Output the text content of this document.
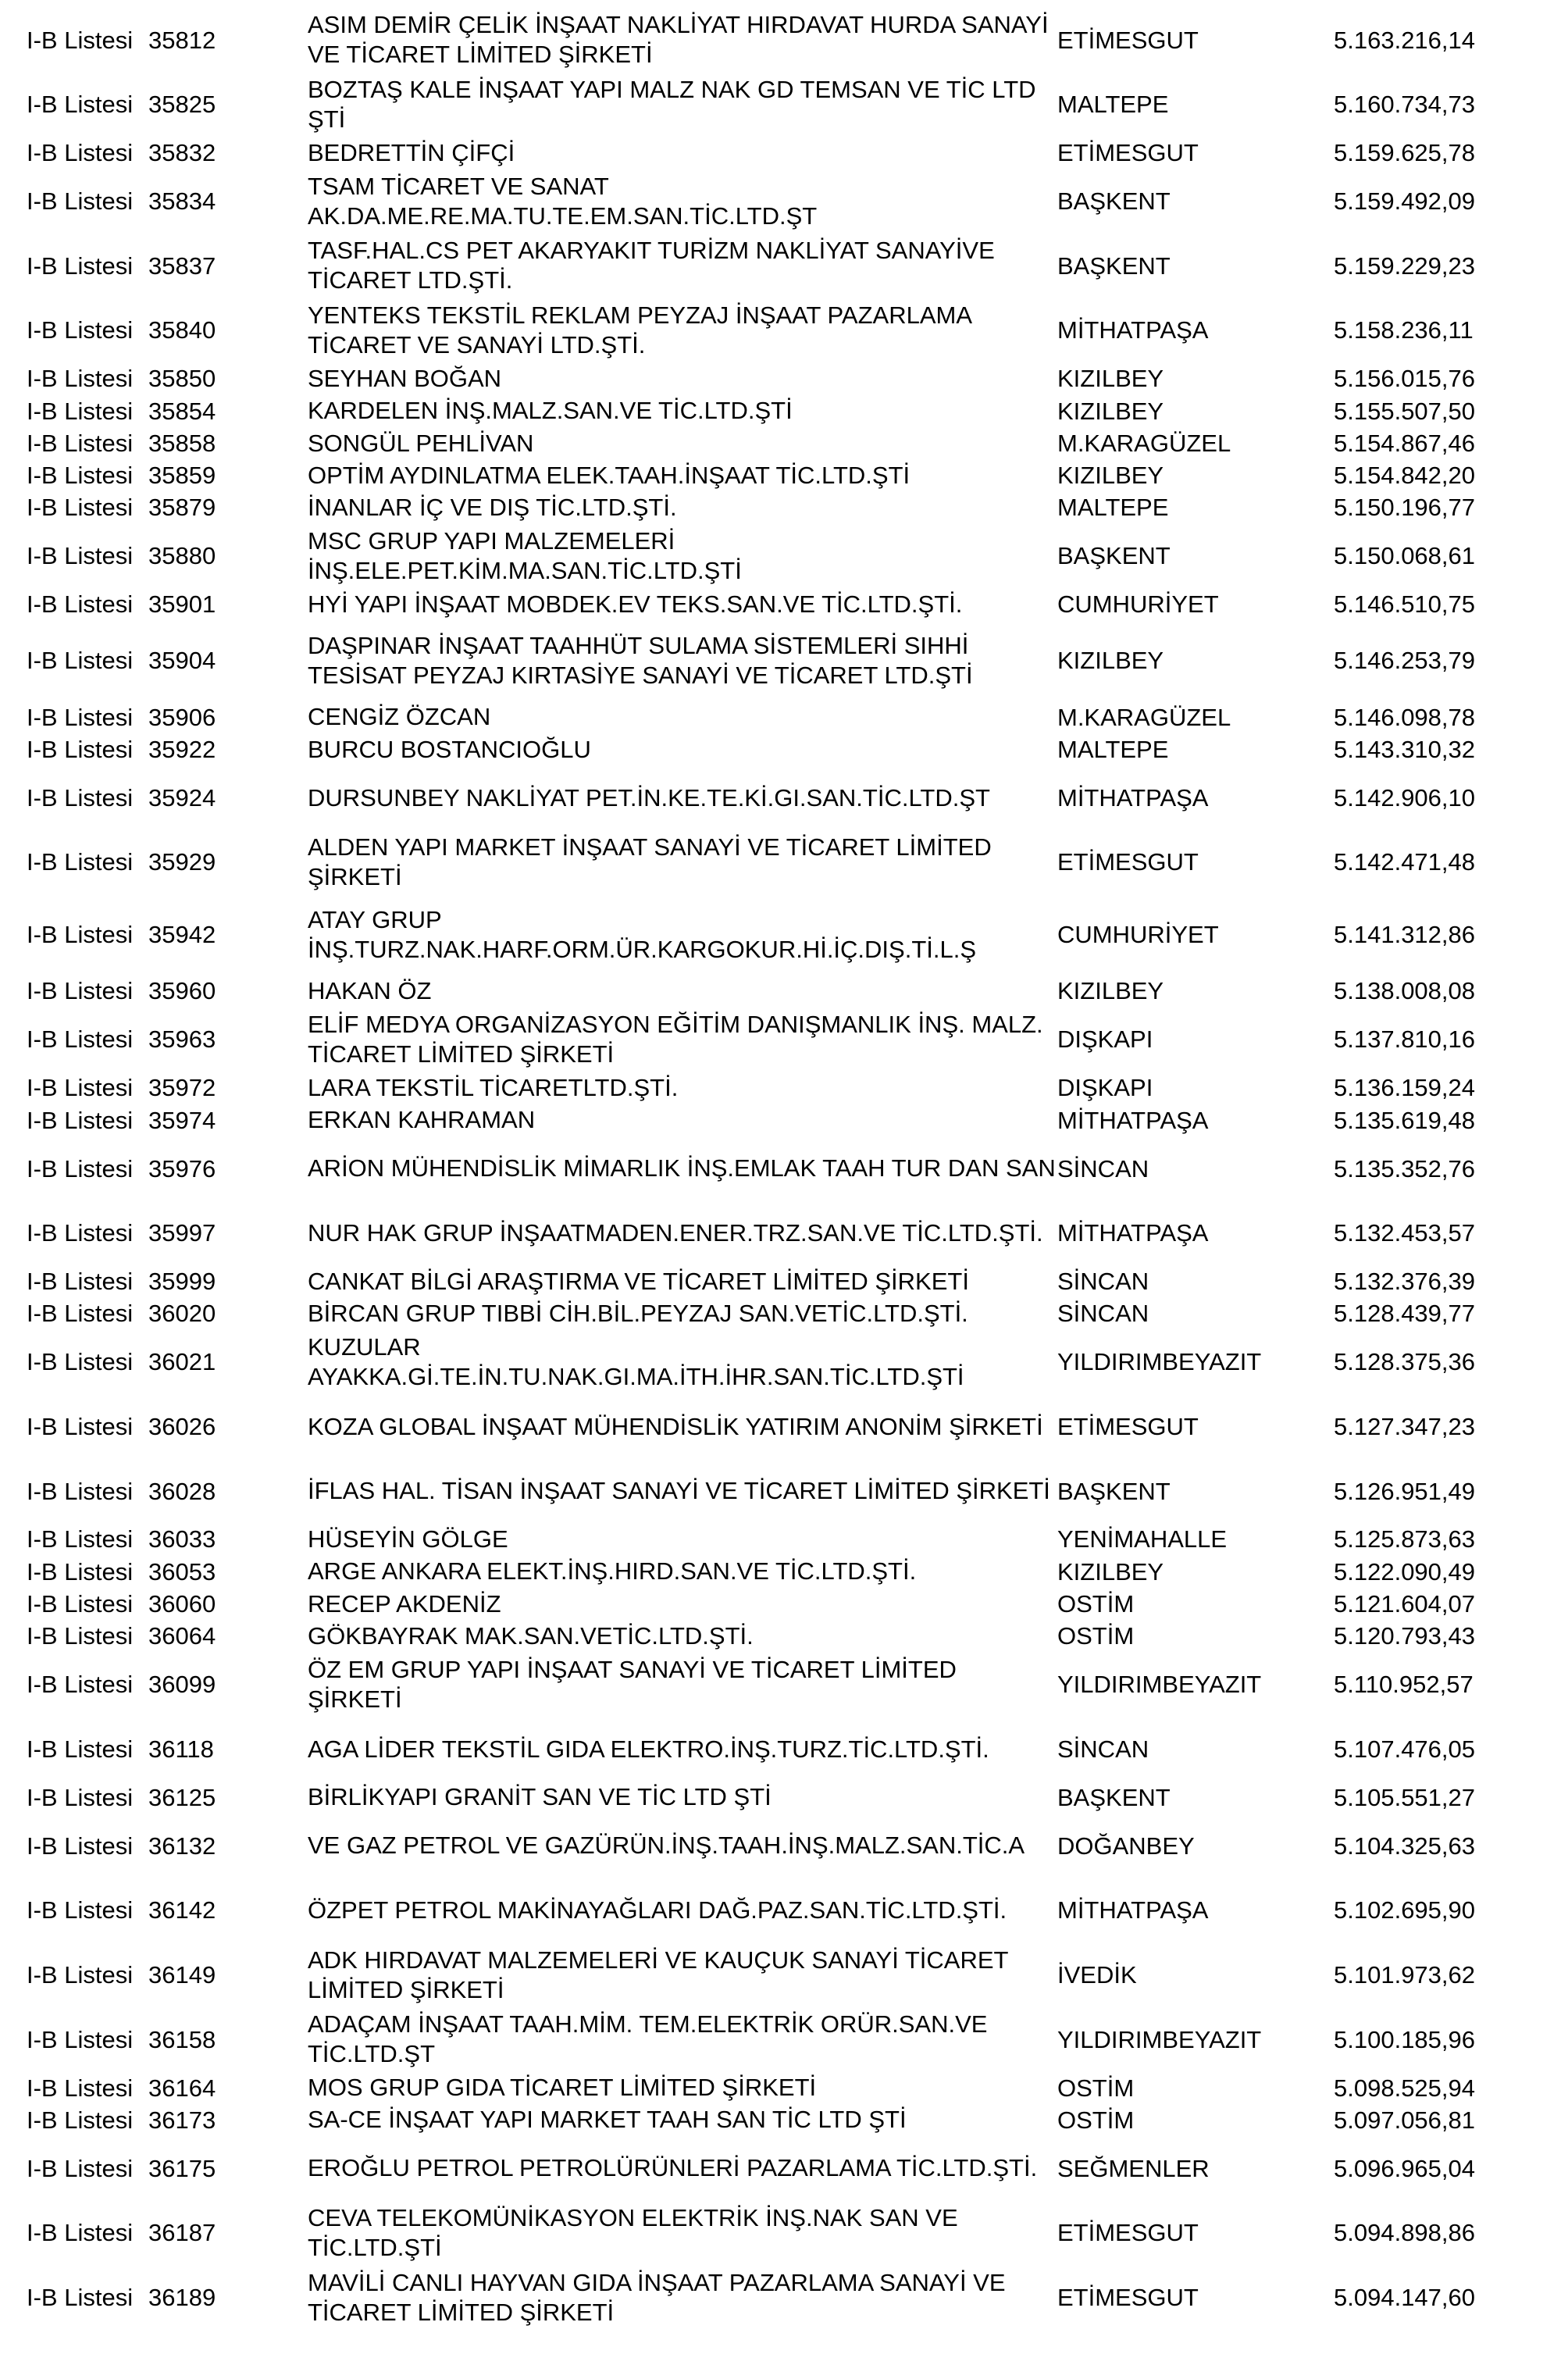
I-B Listesi	35812	ASIM DEMİR ÇELİK İNŞAAT NAKLİYAT HIRDAVAT HURDA SANAYİ VE TİCARET LİMİTED ŞİRKETİ	ETİMESGUT	5.163.216,14
I-B Listesi	35825	BOZTAŞ KALE İNŞAAT YAPI MALZ NAK GD TEMSAN VE TİC LTD ŞTİ	MALTEPE	5.160.734,73
I-B Listesi	35832	BEDRETTİN ÇİFÇİ	ETİMESGUT	5.159.625,78
I-B Listesi	35834	TSAM TİCARET VE SANAT AK.DA.ME.RE.MA.TU.TE.EM.SAN.TİC.LTD.ŞT	BAŞKENT	5.159.492,09
I-B Listesi	35837	TASF.HAL.CS PET AKARYAKIT TURİZM NAKLİYAT SANAYİVE TİCARET LTD.ŞTİ.	BAŞKENT	5.159.229,23
I-B Listesi	35840	YENTEKS TEKSTİL REKLAM PEYZAJ İNŞAAT PAZARLAMA TİCARET VE SANAYİ LTD.ŞTİ.	MİTHATPAŞA	5.158.236,11
I-B Listesi	35850	SEYHAN BOĞAN	KIZILBEY	5.156.015,76
I-B Listesi	35854	KARDELEN İNŞ.MALZ.SAN.VE TİC.LTD.ŞTİ	KIZILBEY	5.155.507,50
I-B Listesi	35858	SONGÜL PEHLİVAN	M.KARAGÜZEL	5.154.867,46
I-B Listesi	35859	OPTİM AYDINLATMA ELEK.TAAH.İNŞAAT TİC.LTD.ŞTİ	KIZILBEY	5.154.842,20
I-B Listesi	35879	İNANLAR İÇ VE DIŞ TİC.LTD.ŞTİ.	MALTEPE	5.150.196,77
I-B Listesi	35880	MSC GRUP YAPI MALZEMELERİ İNŞ.ELE.PET.KİM.MA.SAN.TİC.LTD.ŞTİ	BAŞKENT	5.150.068,61
I-B Listesi	35901	HYİ YAPI İNŞAAT MOBDEK.EV TEKS.SAN.VE TİC.LTD.ŞTİ.	CUMHURİYET	5.146.510,75
I-B Listesi	35904	DAŞPINAR İNŞAAT TAAHHÜT SULAMA SİSTEMLERİ SIHHİ TESİSAT PEYZAJ KIRTASİYE SANAYİ VE TİCARET LTD.ŞTİ	KIZILBEY	5.146.253,79
I-B Listesi	35906	CENGİZ ÖZCAN	M.KARAGÜZEL	5.146.098,78
I-B Listesi	35922	BURCU BOSTANCIOĞLU	MALTEPE	5.143.310,32
I-B Listesi	35924	DURSUNBEY NAKLİYAT PET.İN.KE.TE.Kİ.GI.SAN.TİC.LTD.ŞT	MİTHATPAŞA	5.142.906,10
I-B Listesi	35929	ALDEN YAPI MARKET İNŞAAT SANAYİ VE TİCARET LİMİTED ŞİRKETİ	ETİMESGUT	5.142.471,48
I-B Listesi	35942	ATAY GRUP İNŞ.TURZ.NAK.HARF.ORM.ÜR.KARGOKUR.Hİ.İÇ.DIŞ.Tİ.L.Ş	CUMHURİYET	5.141.312,86
I-B Listesi	35960	HAKAN ÖZ	KIZILBEY	5.138.008,08
I-B Listesi	35963	ELİF MEDYA ORGANİZASYON EĞİTİM DANIŞMANLIK İNŞ. MALZ. TİCARET LİMİTED ŞİRKETİ	DIŞKAPI	5.137.810,16
I-B Listesi	35972	LARA TEKSTİL TİCARETLTD.ŞTİ.	DIŞKAPI	5.136.159,24
I-B Listesi	35974	ERKAN KAHRAMAN	MİTHATPAŞA	5.135.619,48
I-B Listesi	35976	ARİON MÜHENDİSLİK MİMARLIK İNŞ.EMLAK TAAH TUR DAN SAN	SİNCAN	5.135.352,76
I-B Listesi	35997	NUR HAK GRUP İNŞAATMADEN.ENER.TRZ.SAN.VE TİC.LTD.ŞTİ.	MİTHATPAŞA	5.132.453,57
I-B Listesi	35999	CANKAT BİLGİ ARAŞTIRMA VE TİCARET LİMİTED ŞİRKETİ	SİNCAN	5.132.376,39
I-B Listesi	36020	BİRCAN GRUP TIBBİ CİH.BİL.PEYZAJ SAN.VETİC.LTD.ŞTİ.	SİNCAN	5.128.439,77
I-B Listesi	36021	KUZULAR AYAKKA.Gİ.TE.İN.TU.NAK.GI.MA.İTH.İHR.SAN.TİC.LTD.ŞTİ	YILDIRIMBEYAZIT	5.128.375,36
I-B Listesi	36026	KOZA GLOBAL İNŞAAT MÜHENDİSLİK YATIRIM ANONİM ŞİRKETİ	ETİMESGUT	5.127.347,23
I-B Listesi	36028	İFLAS HAL. TİSAN İNŞAAT SANAYİ VE TİCARET LİMİTED ŞİRKETİ	BAŞKENT	5.126.951,49
I-B Listesi	36033	HÜSEYİN GÖLGE	YENİMAHALLE	5.125.873,63
I-B Listesi	36053	ARGE ANKARA ELEKT.İNŞ.HIRD.SAN.VE TİC.LTD.ŞTİ.	KIZILBEY	5.122.090,49
I-B Listesi	36060	RECEP AKDENİZ	OSTİM	5.121.604,07
I-B Listesi	36064	GÖKBAYRAK MAK.SAN.VETİC.LTD.ŞTİ.	OSTİM	5.120.793,43
I-B Listesi	36099	ÖZ EM GRUP YAPI İNŞAAT SANAYİ VE TİCARET LİMİTED ŞİRKETİ	YILDIRIMBEYAZIT	5.110.952,57
I-B Listesi	36118	AGA LİDER TEKSTİL GIDA ELEKTRO.İNŞ.TURZ.TİC.LTD.ŞTİ.	SİNCAN	5.107.476,05
I-B Listesi	36125	BİRLİKYAPI GRANİT SAN VE TİC LTD ŞTİ	BAŞKENT	5.105.551,27
I-B Listesi	36132	VE GAZ PETROL VE GAZÜRÜN.İNŞ.TAAH.İNŞ.MALZ.SAN.TİC.A	DOĞANBEY	5.104.325,63
I-B Listesi	36142	ÖZPET PETROL MAKİNAYAĞLARI DAĞ.PAZ.SAN.TİC.LTD.ŞTİ.	MİTHATPAŞA	5.102.695,90
I-B Listesi	36149	ADK HIRDAVAT MALZEMELERİ VE KAUÇUK SANAYİ TİCARET LİMİTED ŞİRKETİ	İVEDİK	5.101.973,62
I-B Listesi	36158	ADAÇAM İNŞAAT TAAH.MİM. TEM.ELEKTRİK ORÜR.SAN.VE TİC.LTD.ŞT	YILDIRIMBEYAZIT	5.100.185,96
I-B Listesi	36164	MOS GRUP GIDA TİCARET LİMİTED ŞİRKETİ	OSTİM	5.098.525,94
I-B Listesi	36173	SA-CE İNŞAAT YAPI MARKET TAAH SAN TİC LTD ŞTİ	OSTİM	5.097.056,81
I-B Listesi	36175	EROĞLU PETROL PETROLÜRÜNLERİ PAZARLAMA TİC.LTD.ŞTİ.	SEĞMENLER	5.096.965,04
I-B Listesi	36187	CEVA TELEKOMÜNİKASYON ELEKTRİK İNŞ.NAK SAN VE TİC.LTD.ŞTİ	ETİMESGUT	5.094.898,86
I-B Listesi	36189	MAVİLİ CANLI HAYVAN GIDA İNŞAAT PAZARLAMA SANAYİ VE TİCARET LİMİTED ŞİRKETİ	ETİMESGUT	5.094.147,60
